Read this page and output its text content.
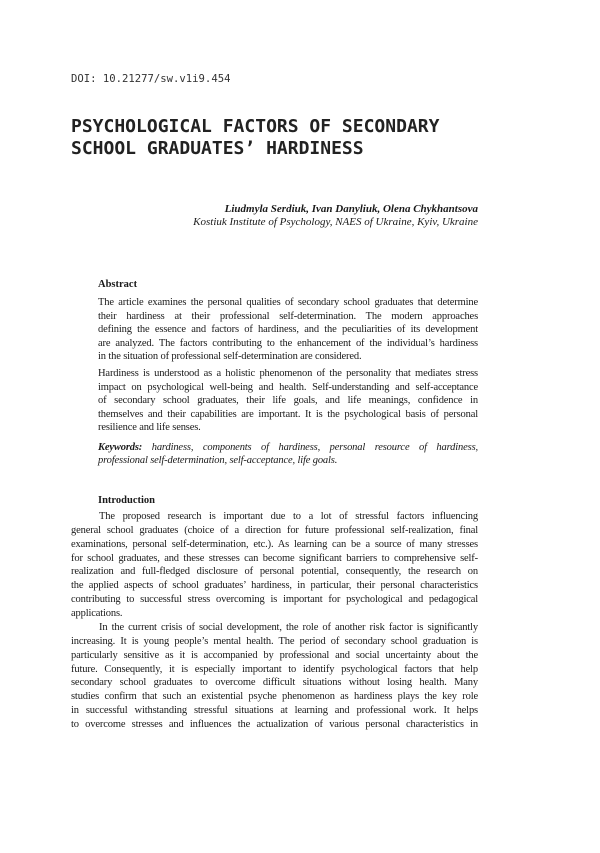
DOI: 10.21277/sw.v1i9.454
PSYCHOLOGICAL FACTORS OF SECONDARY
SCHOOL GRADUATES’ HARDINESS
Liudmyla Serdiuk, Ivan Danyliuk, Olena Chykhantsova
Kostiuk Institute of Psychology, NAES of Ukraine, Kyiv, Ukraine
Abstract
The article examines the personal qualities of secondary school graduates that determine
their hardiness at their professional self-determination. The modern approaches
defining the essence and factors of hardiness, and the peculiarities of its development
are analyzed. The factors contributing to the enhancement of the individual’s hardiness
in the situation of professional self-determination are considered.
Hardiness is understood as a holistic phenomenon of the personality that mediates stress
impact on psychological well-being and health. Self-understanding and self-acceptance
of secondary school graduates, their life goals, and life meanings, confidence in
themselves and their capabilities are important. It is the psychological basis of personal
resilience and life senses.
Keywords: hardiness, components of hardiness, personal resource of hardiness,
professional self-determination, self-acceptance, life goals.
Introduction
The proposed research is important due to a lot of stressful factors influencing
general school graduates (choice of a direction for future professional self-realization, final
examinations, personal self-determination, etc.). As learning can be a source of many stresses
for school graduates, and these stresses can become significant barriers to comprehensive self-
realization and full-fledged disclosure of personal potential, consequently, the research on
the applied aspects of school graduates’ hardiness, in particular, their personal characteristics
contributing to successful stress overcoming is important for psychological and pedagogical
applications.
In the current crisis of social development, the role of another risk factor is significantly
increasing. It is young people’s mental health. The period of secondary school graduation is
particularly sensitive as it is accompanied by professional and social uncertainty about the
future. Consequently, it is especially important to identify psychological factors that help
secondary school graduates to overcome difficult situations without losing health. Many
studies confirm that such an existential psyche phenomenon as hardiness plays the key role
in successful withstanding stressful situations at learning and professional work. It helps
to overcome stresses and influences the actualization of various personal characteristics in
